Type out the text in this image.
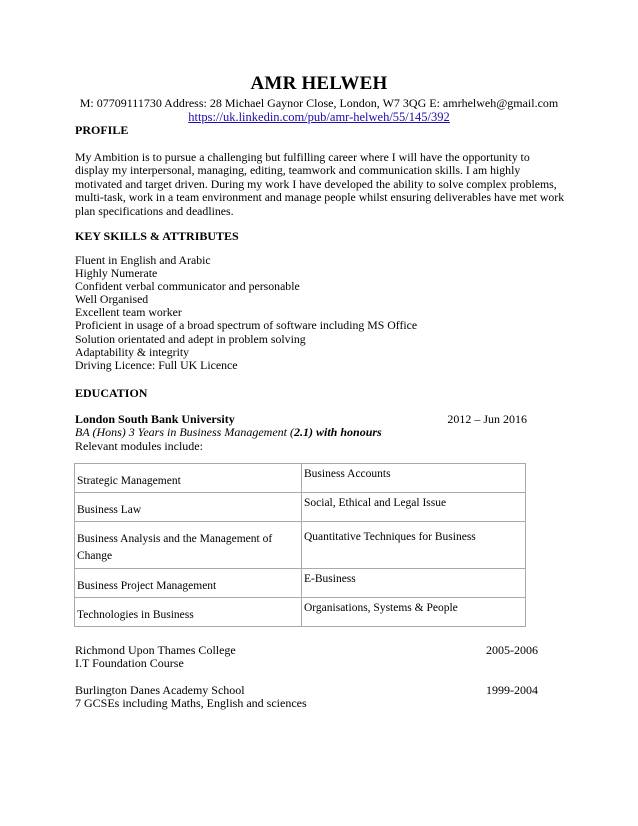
AMR HELWEH
M: 07709111730 Address: 28 Michael Gaynor Close, London, W7 3QG E: amrhelweh@gmail.com
https://uk.linkedin.com/pub/amr-helweh/55/145/392
PROFILE
My Ambition is to pursue a challenging but fulfilling career where I will have the opportunity to display my interpersonal, managing, editing, teamwork and communication skills. I am highly motivated and target driven. During my work I have developed the ability to solve complex problems, multi-task, work in a team environment and manage people whilst ensuring deliverables have met work plan specifications and deadlines.
KEY SKILLS & ATTRIBUTES
Fluent in English and Arabic
Highly Numerate
Confident verbal communicator and personable
Well Organised
Excellent team worker
Proficient in usage of a broad spectrum of software including MS Office
Solution orientated and adept in problem solving
Adaptability & integrity
Driving Licence: Full UK Licence
EDUCATION
London South Bank University	2012 – Jun 2016
BA (Hons) 3 Years in Business Management (2.1) with honours
Relevant modules include:
Strategic Management	Business Accounts

Business Law	Social, Ethical and Legal Issue

Business Analysis and the Management of Change	Quantitative Techniques for Business

Business Project Management	E-Business

Technologies in Business	Organisations, Systems & People
Richmond Upon Thames College	2005-2006
I.T Foundation Course
Burlington Danes Academy School	1999-2004
7 GCSEs including Maths, English and sciences
